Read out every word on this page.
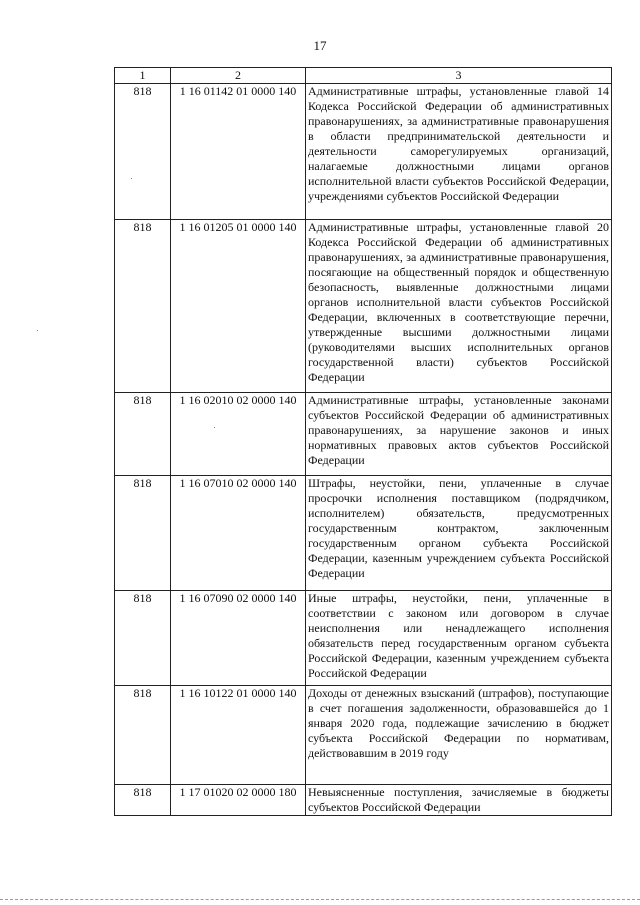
17
1	2	3
818	1 16 01142 01 0000 140	Административные штрафы, установленные главой 14 Кодекса Российской Федерации об административных правонарушениях, за административные правонарушения в области предпринимательской деятельности и деятельности саморегулируемых организаций, налагаемые должностными лицами органов исполнительной власти субъектов Российской Федерации, учреждениями субъектов Российской Федерации
818	1 16 01205 01 0000 140	Административные штрафы, установленные главой 20 Кодекса Российской Федерации об административных правонарушениях, за административные правонарушения, посягающие на общественный порядок и общественную безопасность, выявленные должностными лицами органов исполнительной власти субъектов Российской Федерации, включенных в соответствующие перечни, утвержденные высшими должностными лицами (руководителями высших исполнительных органов государственной власти) субъектов Российской Федерации
818	1 16 02010 02 0000 140	Административные штрафы, установленные законами субъектов Российской Федерации об административных правонарушениях, за нарушение законов и иных нормативных правовых актов субъектов Российской Федерации
818	1 16 07010 02 0000 140	Штрафы, неустойки, пени, уплаченные в случае просрочки исполнения поставщиком (подрядчиком, исполнителем) обязательств, предусмотренных государственным контрактом, заключенным государственным органом субъекта Российской Федерации, казенным учреждением субъекта Российской Федерации
818	1 16 07090 02 0000 140	Иные штрафы, неустойки, пени, уплаченные в соответствии с законом или договором в случае неисполнения или ненадлежащего исполнения обязательств перед государственным органом субъекта Российской Федерации, казенным учреждением субъекта Российской Федерации
818	1 16 10122 01 0000 140	Доходы от денежных взысканий (штрафов), поступающие в счет погашения задолженности, образовавшейся до 1 января 2020 года, подлежащие зачислению в бюджет субъекта Российской Федерации по нормативам, действовавшим в 2019 году
818	1 17 01020 02 0000 180	Невыясненные поступления, зачисляемые в бюджеты субъектов Российской Федерации
